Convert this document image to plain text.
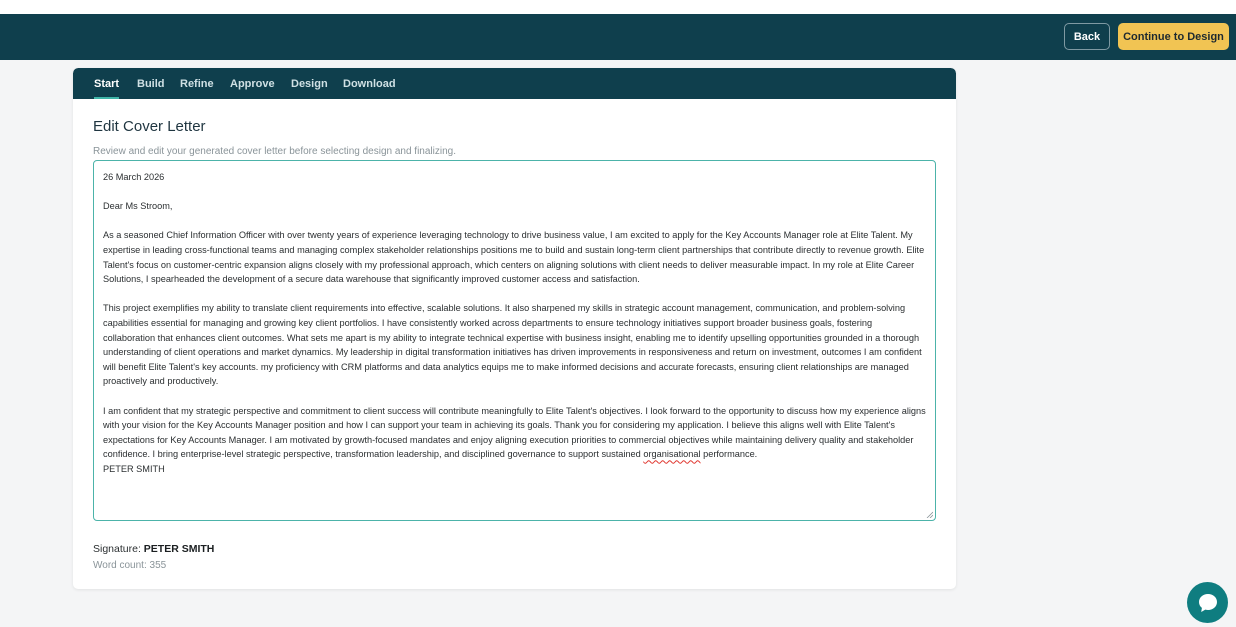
Back	Continue to Design
Start Build Refine Approve Design Download
Edit Cover Letter
Review and edit your generated cover letter before selecting design and finalizing.

26 March 2026

Dear Ms Stroom,

As a seasoned Chief Information Officer with over twenty years of experience leveraging technology to drive business value, I am excited to apply for the Key Accounts Manager role at Elite Talent. My expertise in leading cross-functional teams and managing complex stakeholder relationships positions me to build and sustain long-term client partnerships that contribute directly to revenue growth. Elite Talent's focus on customer-centric expansion aligns closely with my professional approach, which centers on aligning solutions with client needs to deliver measurable impact. In my role at Elite Career Solutions, I spearheaded the development of a secure data warehouse that significantly improved customer access and satisfaction.

This project exemplifies my ability to translate client requirements into effective, scalable solutions. It also sharpened my skills in strategic account management, communication, and problem-solving capabilities essential for managing and growing key client portfolios. I have consistently worked across departments to ensure technology initiatives support broader business goals, fostering collaboration that enhances client outcomes. What sets me apart is my ability to integrate technical expertise with business insight, enabling me to identify upselling opportunities grounded in a thorough understanding of client operations and market dynamics. My leadership in digital transformation initiatives has driven improvements in responsiveness and return on investment, outcomes I am confident will benefit Elite Talent's key accounts. my proficiency with CRM platforms and data analytics equips me to make informed decisions and accurate forecasts, ensuring client relationships are managed proactively and productively.

I am confident that my strategic perspective and commitment to client success will contribute meaningfully to Elite Talent's objectives. I look forward to the opportunity to discuss how my experience aligns with your vision for the Key Accounts Manager position and how I can support your team in achieving its goals. Thank you for considering my application. I believe this aligns well with Elite Talent's expectations for Key Accounts Manager. I am motivated by growth-focused mandates and enjoy aligning execution priorities to commercial objectives while maintaining delivery quality and stakeholder confidence. I bring enterprise-level strategic perspective, transformation leadership, and disciplined governance to support sustained organisational performance.

PETER SMITH

Signature: PETER SMITH
Word count: 355
